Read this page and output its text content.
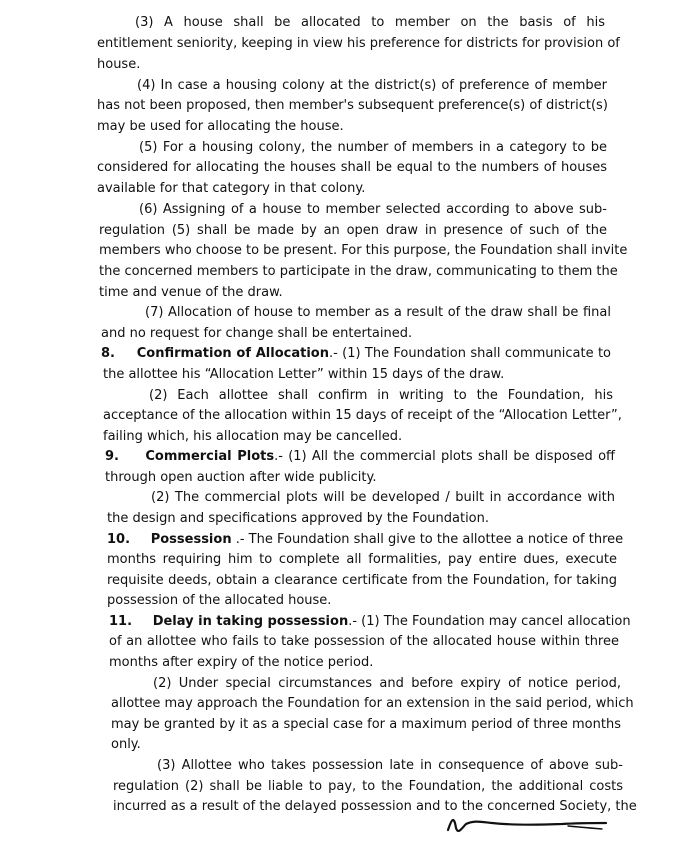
(3) A house shall be allocated to member on the basis of his
entitlement seniority, keeping in view his preference for districts for provision of
house.
(4) In case a housing colony at the district(s) of preference of member
has not been proposed, then member's subsequent preference(s) of district(s)
may be used for allocating the house.
(5) For a housing colony, the number of members in a category to be
considered for allocating the houses shall be equal to the numbers of houses
available for that category in that colony.
(6) Assigning of a house to member selected according to above sub-
regulation (5) shall be made by an open draw in presence of such of the
members who choose to be present. For this purpose, the Foundation shall invite
the concerned members to participate in the draw, communicating to them the
time and venue of the draw.
(7) Allocation of house to member as a result of the draw shall be final
and no request for change shall be entertained.
8. Confirmation of Allocation.- (1) The Foundation shall communicate to
the allottee his “Allocation Letter” within 15 days of the draw.
(2) Each allottee shall confirm in writing to the Foundation, his
acceptance of the allocation within 15 days of receipt of the “Allocation Letter”,
failing which, his allocation may be cancelled.
9. Commercial Plots.- (1) All the commercial plots shall be disposed off
through open auction after wide publicity.
(2) The commercial plots will be developed / built in accordance with
the design and specifications approved by the Foundation.
10. Possession .- The Foundation shall give to the allottee a notice of three
months requiring him to complete all formalities, pay entire dues, execute
requisite deeds, obtain a clearance certificate from the Foundation, for taking
possession of the allocated house.
11. Delay in taking possession.- (1) The Foundation may cancel allocation
of an allottee who fails to take possession of the allocated house within three
months after expiry of the notice period.
(2) Under special circumstances and before expiry of notice period,
allottee may approach the Foundation for an extension in the said period, which
may be granted by it as a special case for a maximum period of three months
only.
(3) Allottee who takes possession late in consequence of above sub-
regulation (2) shall be liable to pay, to the Foundation, the additional costs
incurred as a result of the delayed possession and to the concerned Society, the
